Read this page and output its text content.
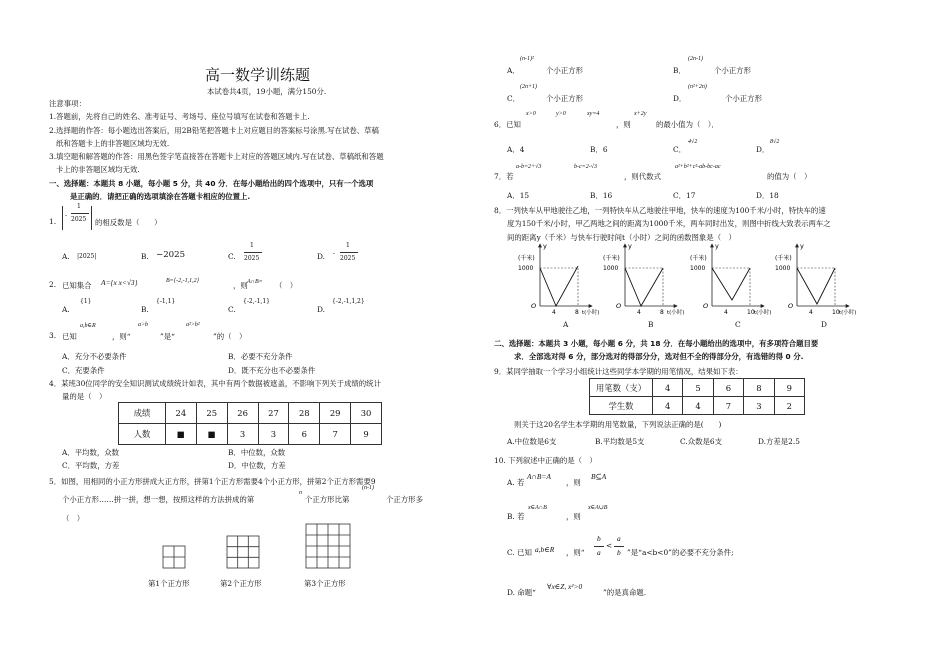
高一数学训练题
本试卷共4页，19小题，满分150分.
注意事项：
1.答题前，先将自己的姓名、准考证号、考场号、座位号填写在试卷和答题卡上.
2.选择题的作答：每小题选出答案后，用2B铅笔把答题卡上对应题目的答案标号涂黑.写在试卷、草稿
纸和答题卡上的非答题区域均无效.
3.填空题和解答题的作答：用黑色签字笔直接答在答题卡上对应的答题区域内.写在试卷、草稿纸和答题
卡上的非答题区域均无效.
一、选择题：本题共 8 小题，每小题 5 分，共 40 分．在每小题给出的四个选项中，只有一个选项
是正确的．请把正确的选项填涂在答题卡相应的位置上.
1.
-
1
2025 的相反数是（　　）
A. |2025|	B. −2025	C.
1
2025	D. -
1
2025
2. 已知集合 A={x x<√3}	B={-2,-1,1,2}	，则 A∩B= （　）
A.
{1}
B.
{-1,1}
C.
{-2,-1,1}
D.
{-2,-1,1,2}
3. 已知
a,b∈R
，则“
a>b
”是“
a²>b²
”的（　）
A．充分不必要条件	B．必要不充分条件
C．充要条件	D．既不充分也不必要条件
4．某班30位同学的安全知识测试成绩统计如表，其中有两个数据被遮盖，不影响下列关于成绩的统计
量的是（　）
成绩	24	25	26	27	28	29	30
人数	■	■	3	3	6	7	9
A．平均数，众数	B．中位数，众数
C．平均数，方差	D．中位数，方差
5．如图，用相同的小正方形拼成大正方形，拼第1个正方形需要4个小正方形，拼第2个正方形需要9
个小正方形……拼一拼，想一想，按照这样的方法拼成的第
n
个正方形比第
(n-1)
个正方形多
（　）
第1个正方形	第2个正方形	第3个正方形
A．
(n-1)²
个小正方形	B．
(2n-1)
个小正方形
C．
(2n+1)
个小正方形	D．
(n²+2n)
个小正方形
6．已知
x>0	y>0	xy=4
，则
x+2y
的最小值为（　）．
A．4	B．6	C．
4√2
D．
8√2
7．若
a-b=2+√3	b-c=2-√3
，则代数式
a²+b²+c²-ab-bc-ac
的值为（　）
A．15	B．16	C．17	D．18
8．一列快车从甲地驶往乙地，一列特快车从乙地驶往甲地，快车的速度为100千米/小时，特快车的速
度为150千米/小时，甲乙两地之间的距离为1000千米，两车同时出发，则图中折线大致表示两车之
间的距离y（千米）与快车行驶时间t（小时）之间的函数图象是（　）
y
(千米)
1000
O
t(小时)
4	8
y
(千米)
1000
O
t(小时)
4	8
y
(千米)
1000
O
t(小时)
4	10
y
(千米)
1000
O
t(小时)
4	10
A	B	C	D
二、选择题：本题共 3 小题，每小题 6 分，共 18 分．在每小题给出的选项中，有多项符合题目要
求．全部选对得 6 分，部分选对的得部分分，选对但不全的得部分分，有选错的得 0 分.
9．某同学抽取一个学习小组统计这些同学本学期的用笔情况，结果如下表：
用笔数（支）	4	5	6	8	9
学生数	4	4	7	3	2
则关于这20名学生本学期的用笔数量，下列说法正确的是(　　)
A.中位数是6支	B.平均数是5支	C.众数是6支	D.方差是2.5
10. 下列叙述中正确的是（　）
A. 若
A∩B=A
，则
B⊆A
B. 若
x∈A∩B
，则
x∈A∪B
C. 已知 a,b∈R ，则“
b
a
<
a
b ”是“a<b<0”的必要不充分条件;
D. 命题“
∀x∈Z, x²>0
”的是真命题.
